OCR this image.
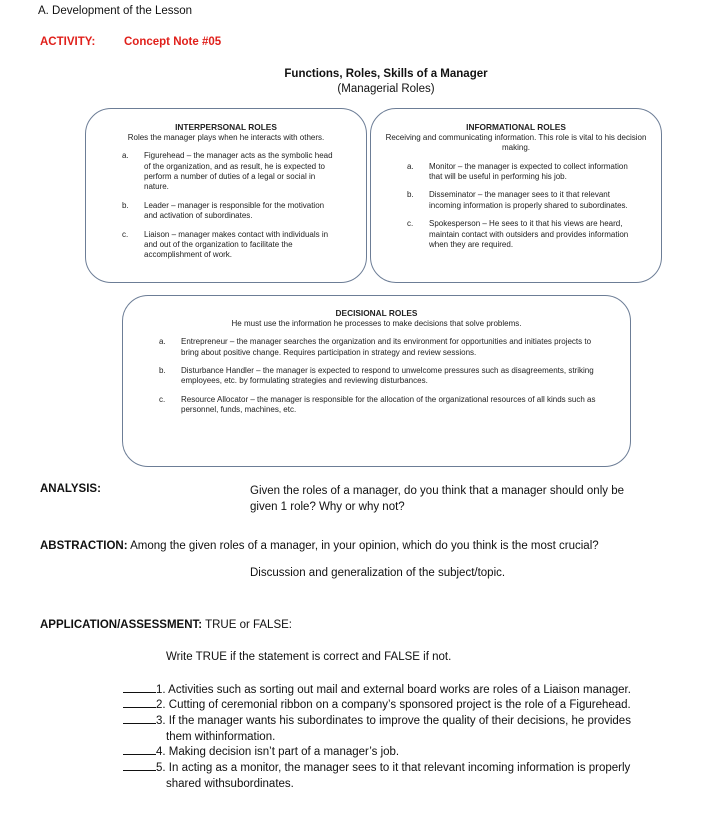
A. Development of the Lesson
ACTIVITY: Concept Note #05
Functions, Roles, Skills of a Manager
(Managerial Roles)
INTERPERSONAL ROLES
Roles the manager plays when he interacts with others.
a.	Figurehead – the manager acts as the symbolic head of the organization, and as result, he is expected to perform a number of duties of a legal or social in nature.
b.	Leader – manager is responsible for the motivation and activation of subordinates.
c.	Liaison – manager makes contact with individuals in and out of the organization to facilitate the accomplishment of work.
INFORMATIONAL ROLES
Receiving and communicating information. This role is vital to his decision making.
a.	Monitor – the manager is expected to collect information that will be useful in performing his job.
b.	Disseminator – the manager sees to it that relevant incoming information is properly shared to subordinates.
c.	Spokesperson – He sees to it that his views are heard, maintain contact with outsiders and provides information when they are required.
DECISIONAL ROLES
He must use the information he processes to make decisions that solve problems.
a.	Entrepreneur – the manager searches the organization and its environment for opportunities and initiates projects to bring about positive change. Requires participation in strategy and review sessions.
b.	Disturbance Handler – the manager is expected to respond to unwelcome pressures such as disagreements, striking employees, etc. by formulating strategies and reviewing disturbances.
c.	Resource Allocator – the manager is responsible for the allocation of the organizational resources of all kinds such as personnel, funds, machines, etc.
ANALYSIS:	Given the roles of a manager, do you think that a manager should only be given 1 role? Why or why not?
ABSTRACTION: Among the given roles of a manager, in your opinion, which do you think is the most crucial?
Discussion and generalization of the subject/topic.
APPLICATION/ASSESSMENT: TRUE or FALSE:
Write TRUE if the statement is correct and FALSE if not.
1. Activities such as sorting out mail and external board works are roles of a Liaison manager.
2. Cutting of ceremonial ribbon on a company’s sponsored project is the role of a Figurehead.
3. If the manager wants his subordinates to improve the quality of their decisions, he provides
them withinformation.
4. Making decision isn’t part of a manager’s job.
5. In acting as a monitor, the manager sees to it that relevant incoming information is properly
shared withsubordinates.
